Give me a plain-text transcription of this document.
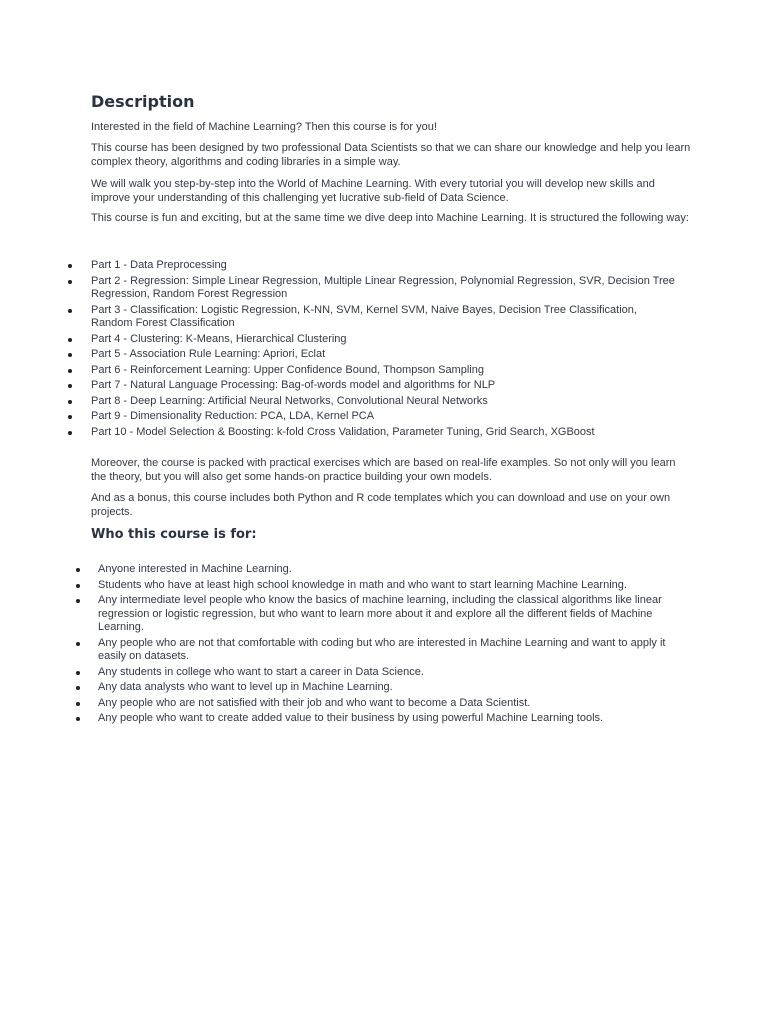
Description

Interested in the field of Machine Learning? Then this course is for you!

This course has been designed by two professional Data Scientists so that we can share our knowledge and help you learn complex theory, algorithms and coding libraries in a simple way.

We will walk you step-by-step into the World of Machine Learning. With every tutorial you will develop new skills and improve your understanding of this challenging yet lucrative sub-field of Data Science.

This course is fun and exciting, but at the same time we dive deep into Machine Learning. It is structured the following way:

Part 1 - Data Preprocessing
Part 2 - Regression: Simple Linear Regression, Multiple Linear Regression, Polynomial Regression, SVR, Decision Tree Regression, Random Forest Regression
Part 3 - Classification: Logistic Regression, K-NN, SVM, Kernel SVM, Naive Bayes, Decision Tree Classification, Random Forest Classification
Part 4 - Clustering: K-Means, Hierarchical Clustering
Part 5 - Association Rule Learning: Apriori, Eclat
Part 6 - Reinforcement Learning: Upper Confidence Bound, Thompson Sampling
Part 7 - Natural Language Processing: Bag-of-words model and algorithms for NLP
Part 8 - Deep Learning: Artificial Neural Networks, Convolutional Neural Networks
Part 9 - Dimensionality Reduction: PCA, LDA, Kernel PCA
Part 10 - Model Selection & Boosting: k-fold Cross Validation, Parameter Tuning, Grid Search, XGBoost

Moreover, the course is packed with practical exercises which are based on real-life examples. So not only will you learn the theory, but you will also get some hands-on practice building your own models.

And as a bonus, this course includes both Python and R code templates which you can download and use on your own projects.

Who this course is for:
Anyone interested in Machine Learning.
Students who have at least high school knowledge in math and who want to start learning Machine Learning.
Any intermediate level people who know the basics of machine learning, including the classical algorithms like linear regression or logistic regression, but who want to learn more about it and explore all the different fields of Machine Learning.
Any people who are not that comfortable with coding but who are interested in Machine Learning and want to apply it easily on datasets.
Any students in college who want to start a career in Data Science.
Any data analysts who want to level up in Machine Learning.
Any people who are not satisfied with their job and who want to become a Data Scientist.
Any people who want to create added value to their business by using powerful Machine Learning tools.
